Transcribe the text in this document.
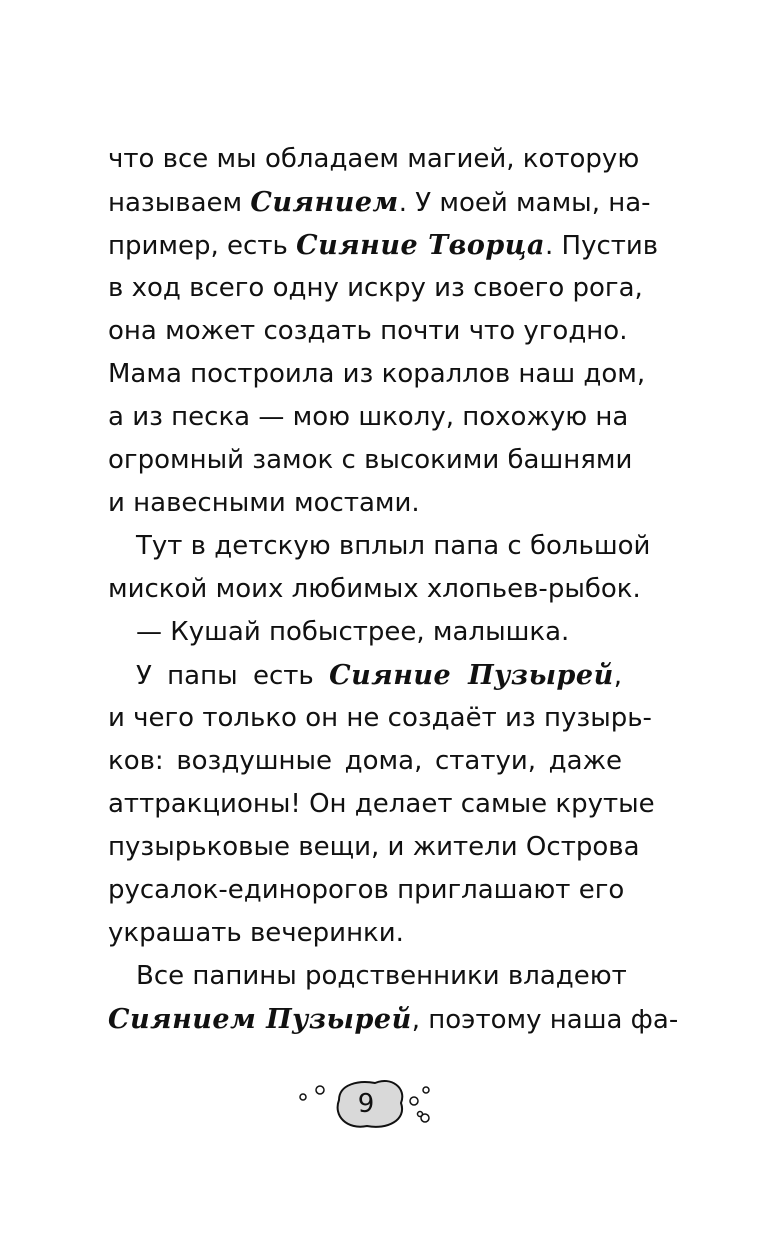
что все мы обладаем магией, которую
называем Сиянием. У моей мамы, на-
пример, есть Сияние Творца. Пустив
в ход всего одну искру из своего рога,
она может создать почти что угодно.
Мама построила из кораллов наш дом,
а из песка — мою школу, похожую на
огромный замок с высокими башнями
и навесными мостами.
Тут в детскую вплыл папа с большой
миской моих любимых хлопьев-рыбок.
— Кушай побыстрее, малышка.
У папы есть Сияние Пузырей,
и чего только он не создаёт из пузырь-
ков: воздушные дома, статуи, даже
аттракционы! Он делает самые крутые
пузырьковые вещи, и жители Острова
русалок-единорогов приглашают его
украшать вечеринки.
Все папины родственники владеют
Сиянием Пузырей, поэтому наша фа-
9
